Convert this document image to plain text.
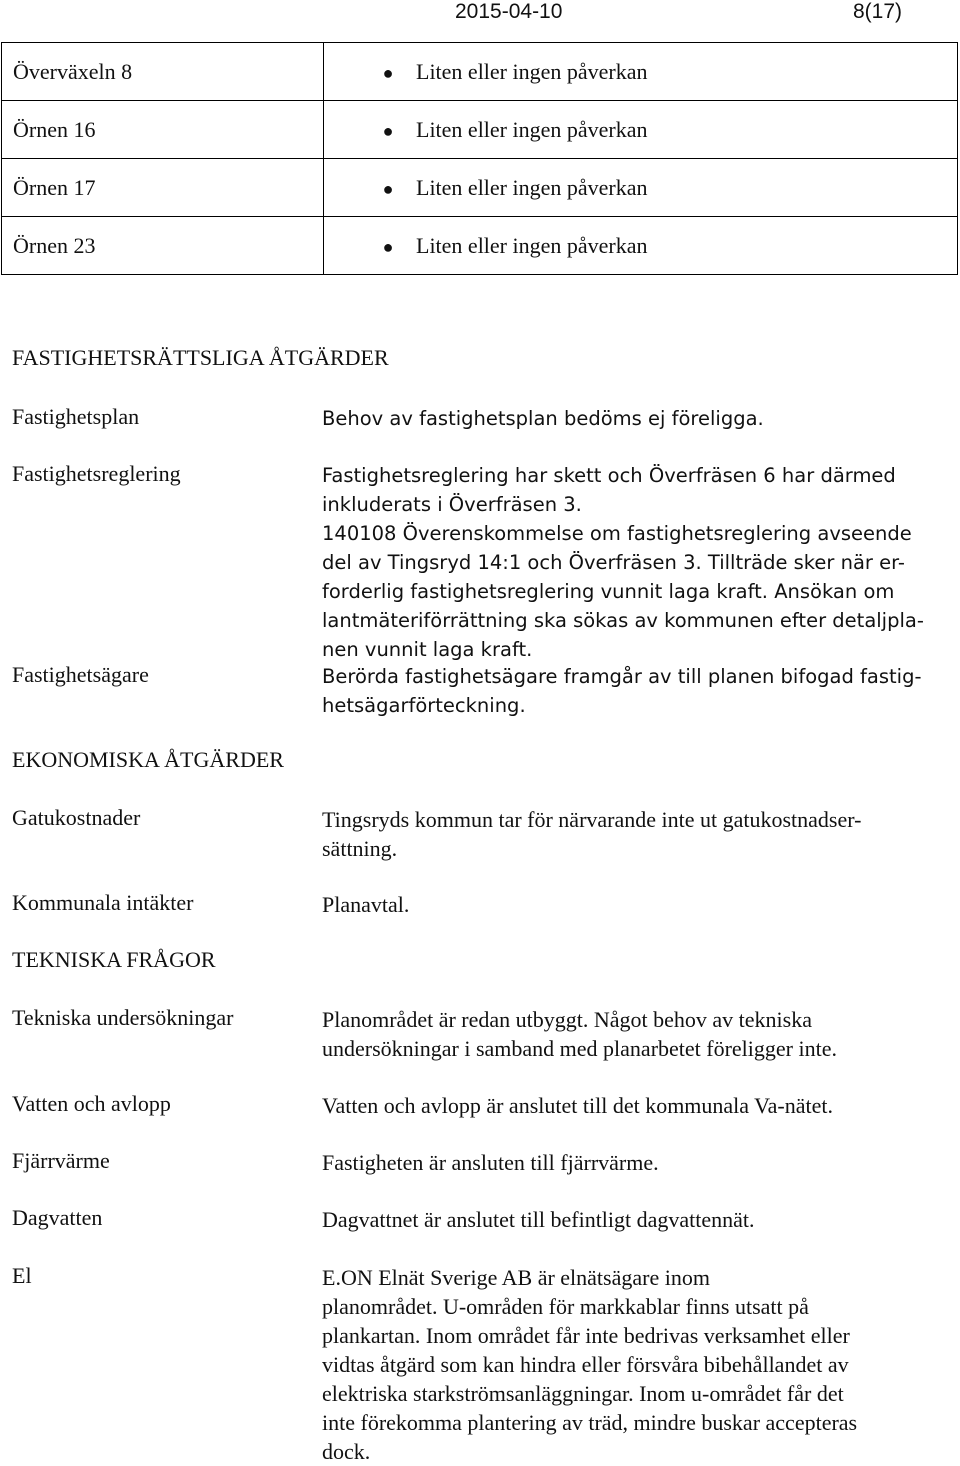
2015-04-10	8(17)
Överväxeln 8	● Liten eller ingen påverkan
Örnen 16	● Liten eller ingen påverkan
Örnen 17	● Liten eller ingen påverkan
Örnen 23	● Liten eller ingen påverkan
FASTIGHETSRÄTTSLIGA ÅTGÄRDER
Fastighetsplan	Behov av fastighetsplan bedöms ej föreligga.

Fastighetsreglering	Fastighetsreglering har skett och Överfräsen 6 har därmed

inkluderats i Överfräsen 3.

140108 Överenskommelse om fastighetsreglering avseende

del av Tingsryd 14:1 och Överfräsen 3. Tillträde sker när er-

forderlig fastighetsreglering vunnit laga kraft. Ansökan om

lantmäteriförrättning ska sökas av kommunen efter detaljpla-

nen vunnit laga kraft.

Fastighetsägare	Berörda fastighetsägare framgår av till planen bifogad fastig-

hetsägarförteckning.

EKONOMISKA ÅTGÄRDER
Gatukostnader	Tingsryds kommun tar för närvarande inte ut gatukostnadser-

sättning.

Kommunala intäkter	Planavtal.

TEKNISKA FRÅGOR
Tekniska undersökningar	Planområdet är redan utbyggt. Något behov av tekniska

undersökningar i samband med planarbetet föreligger inte.

Vatten och avlopp	Vatten och avlopp är anslutet till det kommunala Va-nätet.

Fjärrvärme	Fastigheten är ansluten till fjärrvärme.

Dagvatten	Dagvattnet är anslutet till befintligt dagvattennät.

El	E.ON Elnät Sverige AB är elnätsägare inom

planområdet. U-områden för markkablar finns utsatt på

plankartan. Inom området får inte bedrivas verksamhet eller

vidtas åtgärd som kan hindra eller försvåra bibehållandet av

elektriska starkströmsanläggningar. Inom u-området får det

inte förekomma plantering av träd, mindre buskar accepteras

dock.
